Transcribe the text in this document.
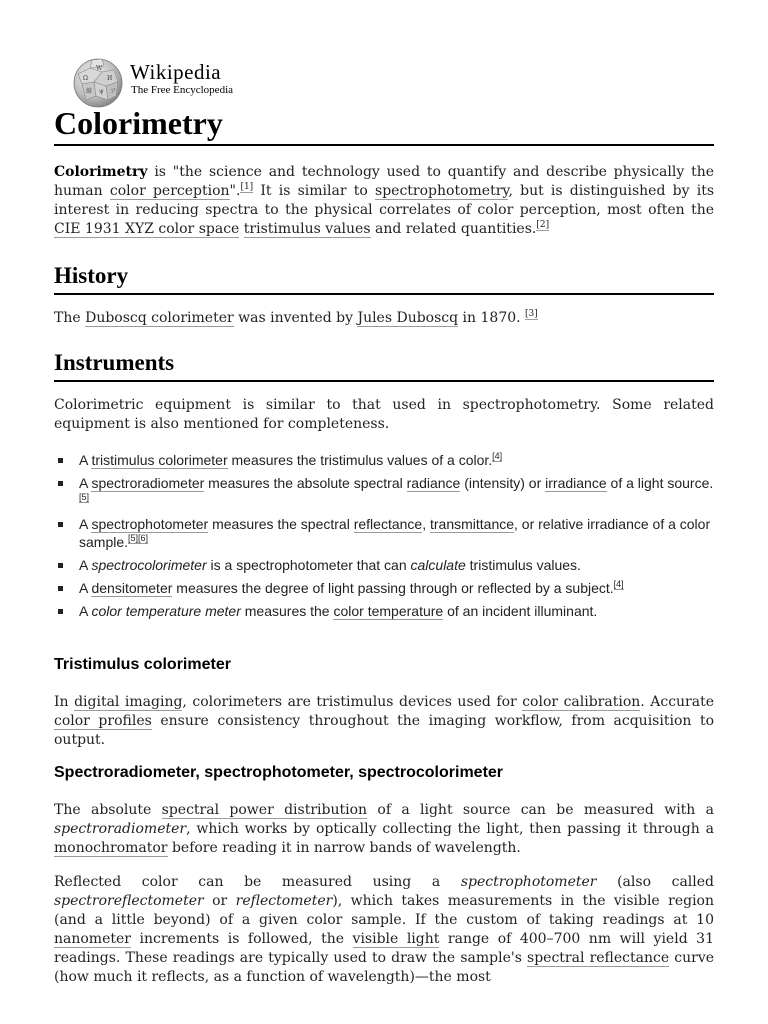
Ω
W
И
維 ψ ア
Wikipedia
The Free Encyclopedia
Colorimetry

Colorimetry is "the science and technology used to quantify and describe physically the human color perception".[1] It is similar to spectrophotometry, but is distinguished by its interest in reducing spectra to the physical correlates of color perception, most often the CIE 1931 XYZ color space tristimulus values and related quantities.[2]

History

The Duboscq colorimeter was invented by Jules Duboscq in 1870. [3]

Instruments

Colorimetric equipment is similar to that used in spectrophotometry. Some related equipment is also mentioned for completeness.

A tristimulus colorimeter measures the tristimulus values of a color.[4]
A spectroradiometer measures the absolute spectral radiance (intensity) or irradiance of a light source.[5]
A spectrophotometer measures the spectral reflectance, transmittance, or relative irradiance of a color sample.[5][6]
A spectrocolorimeter is a spectrophotometer that can calculate tristimulus values.
A densitometer measures the degree of light passing through or reflected by a subject.[4]
A color temperature meter measures the color temperature of an incident illuminant.
Tristimulus colorimeter

In digital imaging, colorimeters are tristimulus devices used for color calibration. Accurate color profiles ensure consistency throughout the imaging workflow, from acquisition to output.

Spectroradiometer, spectrophotometer, spectrocolorimeter

The absolute spectral power distribution of a light source can be measured with a spectroradiometer, which works by optically collecting the light, then passing it through a monochromator before reading it in narrow bands of wavelength.

Reflected color can be measured using a spectrophotometer (also called spectroreflectometer or reflectometer), which takes measurements in the visible region (and a little beyond) of a given color sample. If the custom of taking readings at 10 nanometer increments is followed, the visible light range of 400–700 nm will yield 31 readings. These readings are typically used to draw the sample's spectral reflectance curve (how much it reflects, as a function of wavelength)—the most
